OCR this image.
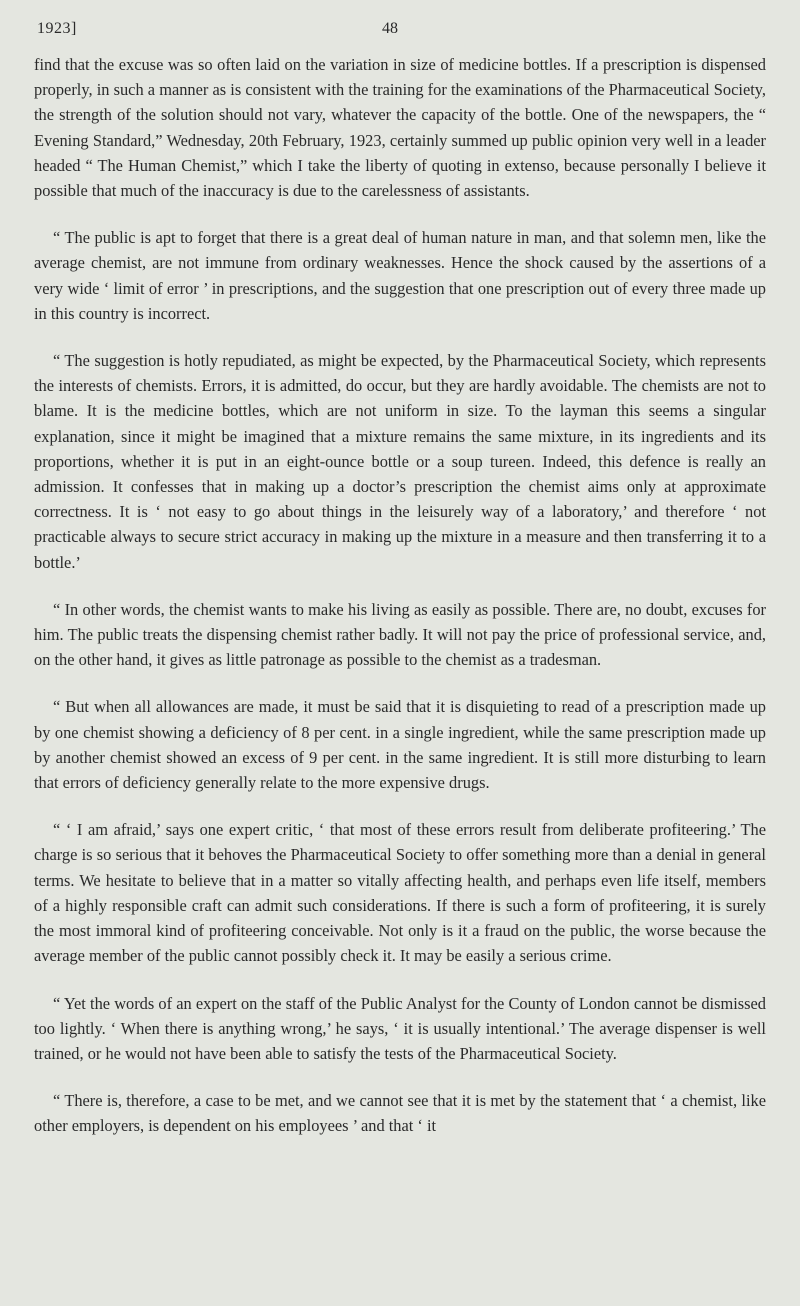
1923]	48

find that the excuse was so often laid on the variation in size of medicine bottles. If a prescription is dispensed properly, in such a manner as is consistent with the training for the examinations of the Pharmaceutical Society, the strength of the solution should not vary, whatever the capacity of the bottle. One of the newspapers, the “ Evening Standard,” Wednesday, 20th February, 1923, certainly summed up public opinion very well in a leader headed “ The Human Chemist,” which I take the liberty of quoting in extenso, because personally I believe it possible that much of the inaccuracy is due to the carelessness of assistants.

“ The public is apt to forget that there is a great deal of human nature in man, and that solemn men, like the average chemist, are not immune from ordinary weaknesses. Hence the shock caused by the assertions of a very wide ‘ limit of error ’ in prescriptions, and the suggestion that one prescription out of every three made up in this country is incorrect.

“ The suggestion is hotly repudiated, as might be expected, by the Pharmaceutical Society, which represents the interests of chemists. Errors, it is admitted, do occur, but they are hardly avoidable. The chemists are not to blame. It is the medicine bottles, which are not uniform in size. To the layman this seems a singular explanation, since it might be imagined that a mixture remains the same mixture, in its ingredients and its proportions, whether it is put in an eight-ounce bottle or a soup tureen. Indeed, this defence is really an admission. It confesses that in making up a doctor’s prescription the chemist aims only at approximate correctness. It is ‘ not easy to go about things in the leisurely way of a laboratory,’ and therefore ‘ not practicable always to secure strict accuracy in making up the mixture in a measure and then transferring it to a bottle.’

“ In other words, the chemist wants to make his living as easily as possible. There are, no doubt, excuses for him. The public treats the dispensing chemist rather badly. It will not pay the price of professional service, and, on the other hand, it gives as little patronage as possible to the chemist as a tradesman.

“ But when all allowances are made, it must be said that it is disquieting to read of a prescription made up by one chemist showing a deficiency of 8 per cent. in a single ingredient, while the same prescription made up by another chemist showed an excess of 9 per cent. in the same ingredient. It is still more disturbing to learn that errors of deficiency generally relate to the more expensive drugs.

“ ‘ I am afraid,’ says one expert critic, ‘ that most of these errors result from deliberate profiteering.’ The charge is so serious that it behoves the Pharmaceutical Society to offer something more than a denial in general terms. We hesitate to believe that in a matter so vitally affecting health, and perhaps even life itself, members of a highly responsible craft can admit such considerations. If there is such a form of profiteering, it is surely the most immoral kind of profiteering conceivable. Not only is it a fraud on the public, the worse because the average member of the public cannot possibly check it. It may be easily a serious crime.

“ Yet the words of an expert on the staff of the Public Analyst for the County of London cannot be dismissed too lightly. ‘ When there is anything wrong,’ he says, ‘ it is usually intentional.’ The average dispenser is well trained, or he would not have been able to satisfy the tests of the Pharmaceutical Society.

“ There is, therefore, a case to be met, and we cannot see that it is met by the statement that ‘ a chemist, like other employers, is dependent on his employees ’ and that ‘ it
